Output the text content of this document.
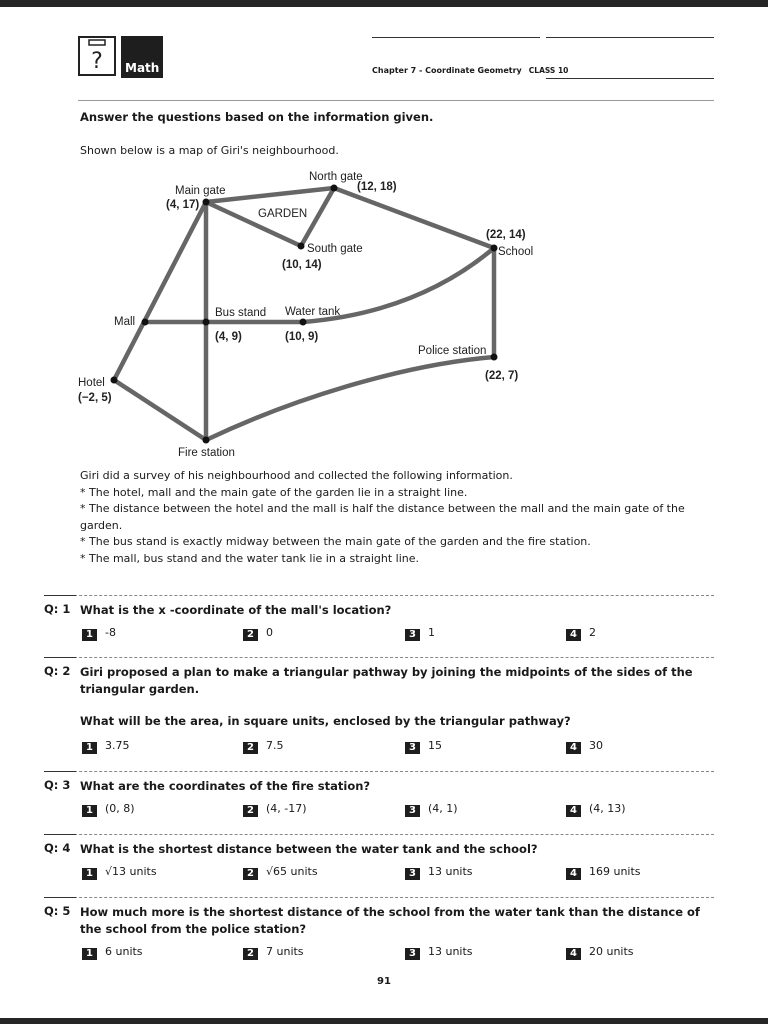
? Math	Chapter 7 - Coordinate Geometry CLASS 10
Answer the questions based on the information given.
Shown below is a map of Giri's neighbourhood.
Main gate
(4, 17)
North gate
(12, 18)
GARDEN
South gate
(10, 14)
(22, 14)
School
Mall
Bus stand
(4, 9)
Water tank
(10, 9)
Police station
(22, 7)
Hotel
(−2, 5)
Fire station

Giri did a survey of his neighbourhood and collected the following information.

* The hotel, mall and the main gate of the garden lie in a straight line.

* The distance between the hotel and the mall is half the distance between the mall and the main gate of the garden.

* The bus stand is exactly midway between the main gate of the garden and the fire station.

* The mall, bus stand and the water tank lie in a straight line.

Q: 1 What is the x -coordinate of the mall's location?

1 -8	2 0	3 1	4 2
Q: 2 Giri proposed a plan to make a triangular pathway by joining the midpoints of the sides of the triangular garden.

What will be the area, in square units, enclosed by the triangular pathway?

1 3.75	2 7.5	3 15	4 30
Q: 3 What are the coordinates of the fire station?

1 (0, 8)	2 (4, -17)	3 (4, 1)	4 (4, 13)
Q: 4 What is the shortest distance between the water tank and the school?

1 √13 units	2 √65 units	3 13 units	4 169 units
Q: 5 How much more is the shortest distance of the school from the water tank than the distance of the school from the police station?

1 6 units	2 7 units	3 13 units	4 20 units
91
